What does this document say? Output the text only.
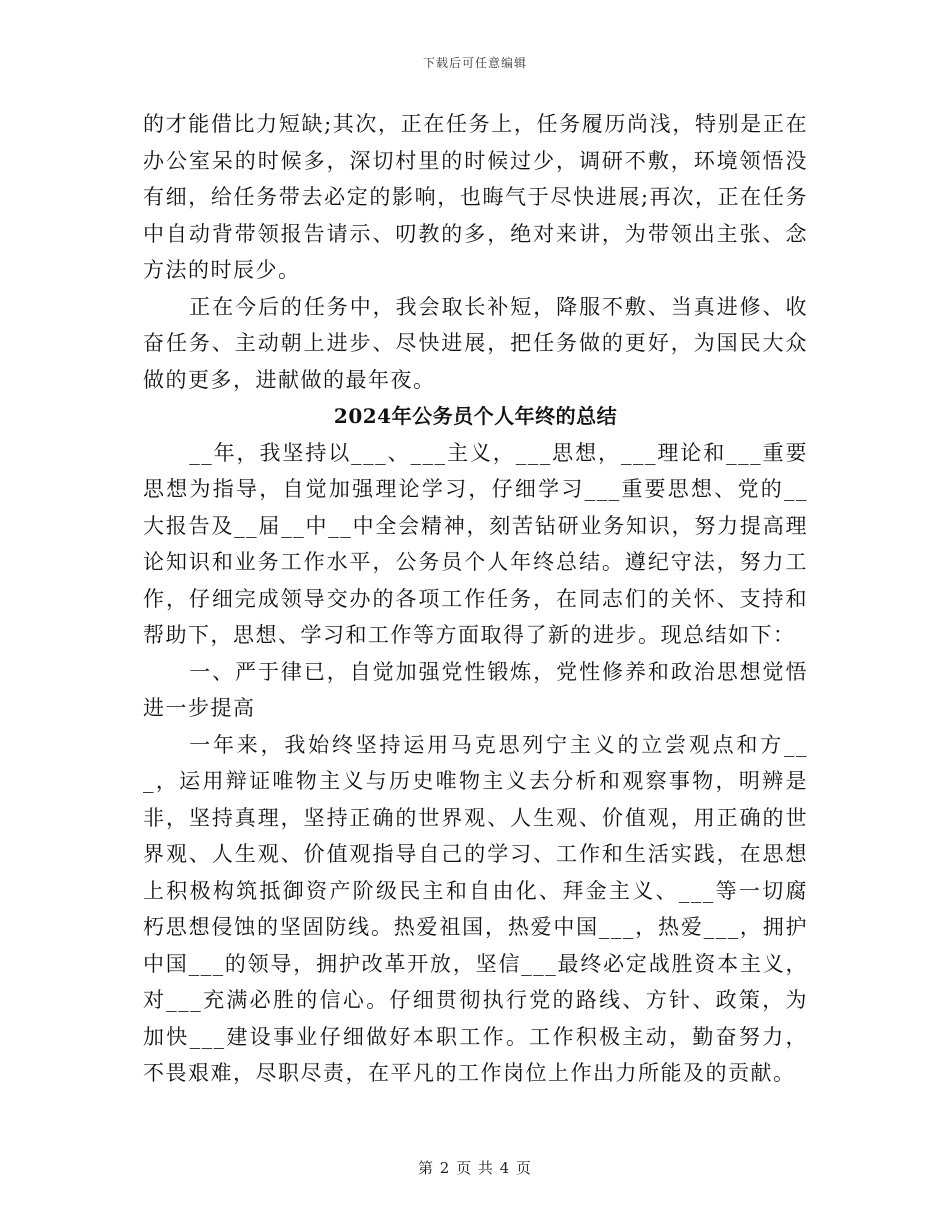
下载后可任意编辑

的才能借比力短缺;其次，正在任务上，任务履历尚浅，特别是正在办公室呆的时候多，深切村里的时候过少，调研不敷，环境领悟没有细，给任务带去必定的影响，也晦气于尽快进展;再次，正在任务中自动背带领报告请示、叨教的多，绝对来讲，为带领出主张、念方法的时辰少。

正在今后的任务中，我会取长补短，降服不敷、当真进修、收奋任务、主动朝上进步、尽快进展，把任务做的更好，为国民大众做的更多，进献做的最年夜。

2024年公务员个人年终的总结

__年，我坚持以___、___主义，___思想，___理论和___重要思想为指导，自觉加强理论学习，仔细学习___重要思想、党的__大报告及__届__中__中全会精神，刻苦钻研业务知识，努力提高理论知识和业务工作水平，公务员个人年终总结。遵纪守法，努力工作，仔细完成领导交办的各项工作任务，在同志们的关怀、支持和帮助下，思想、学习和工作等方面取得了新的进步。现总结如下：

一、严于律已，自觉加强党性锻炼，党性修养和政治思想觉悟进一步提高

一年来，我始终坚持运用马克思列宁主义的立尝观点和方___，运用辩证唯物主义与历史唯物主义去分析和观察事物，明辨是非，坚持真理，坚持正确的世界观、人生观、价值观，用正确的世界观、人生观、价值观指导自己的学习、工作和生活实践，在思想上积极构筑抵御资产阶级民主和自由化、拜金主义、___等一切腐朽思想侵蚀的坚固防线。热爱祖国，热爱中国___，热爱___，拥护中国___的领导，拥护改革开放，坚信___最终必定战胜资本主义，对___充满必胜的信心。仔细贯彻执行党的路线、方针、政策，为加快___建设事业仔细做好本职工作。工作积极主动，勤奋努力，不畏艰难，尽职尽责，在平凡的工作岗位上作出力所能及的贡献。

第 2 页 共 4 页
